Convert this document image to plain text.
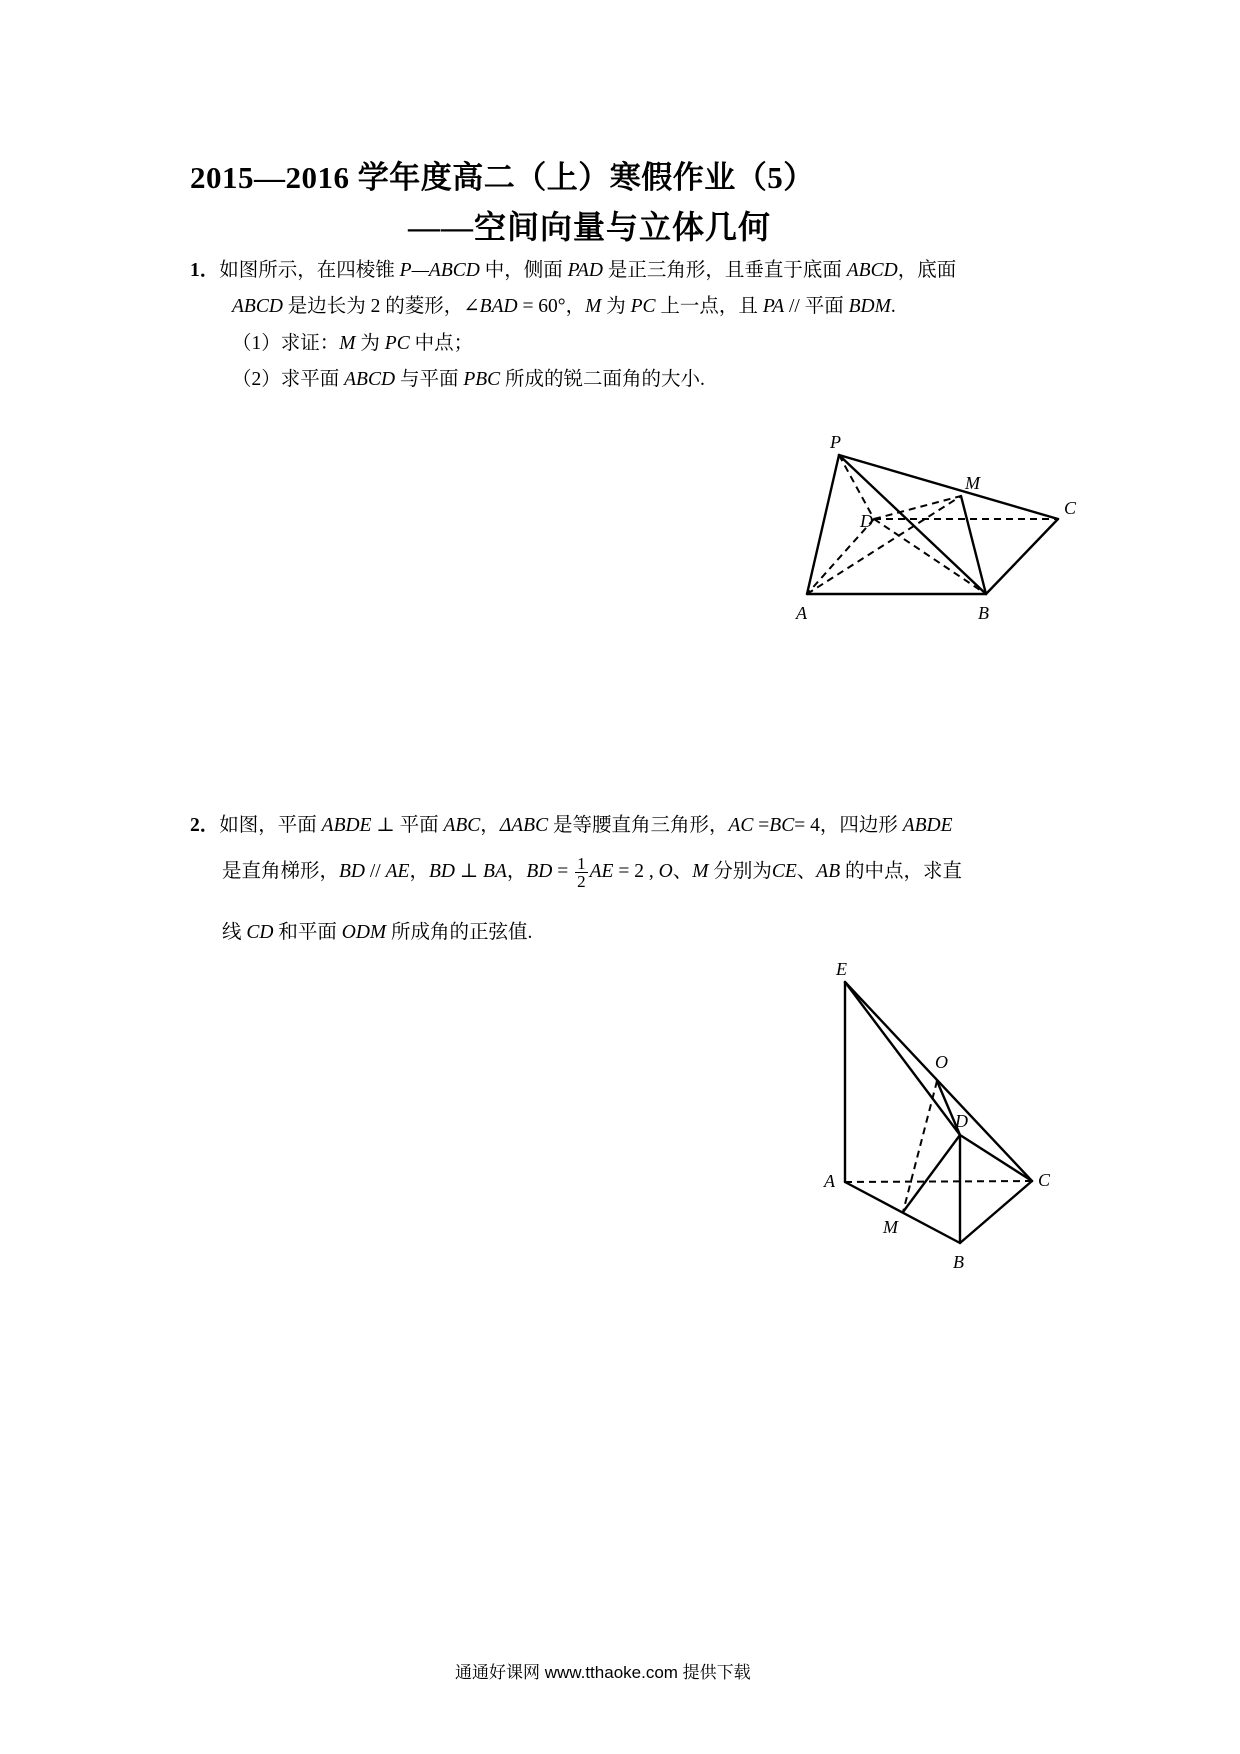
2015—2016 学年度高二（上）寒假作业（5）
——空间向量与立体几何
1．如图所示，在四棱锥 P—ABCD 中，侧面 PAD 是正三角形，且垂直于底面 ABCD，底面
ABCD 是边长为 2 的菱形，∠BAD = 60°，M 为 PC 上一点，且 PA // 平面 BDM.
（1）求证：M 为 PC 中点；
（2）求平面 ABCD 与平面 PBC 所成的锐二面角的大小.
P
M
C
D
A	B
2．如图，平面 ABDE ⊥ 平面 ABC，ΔABC 是等腰直角三角形，AC =BC= 4，四边形 ABDE
是直角梯形，BD // AE，BD ⊥ BA，BD = $\frac{1}{2}$ AE = 2 , O、M 分别为CE、AB 的中点，求直
线 CD 和平面 ODM 所成角的正弦值.
E
O
D
A	C
M
B
通通好课网 www.tthaoke.com 提供下载
